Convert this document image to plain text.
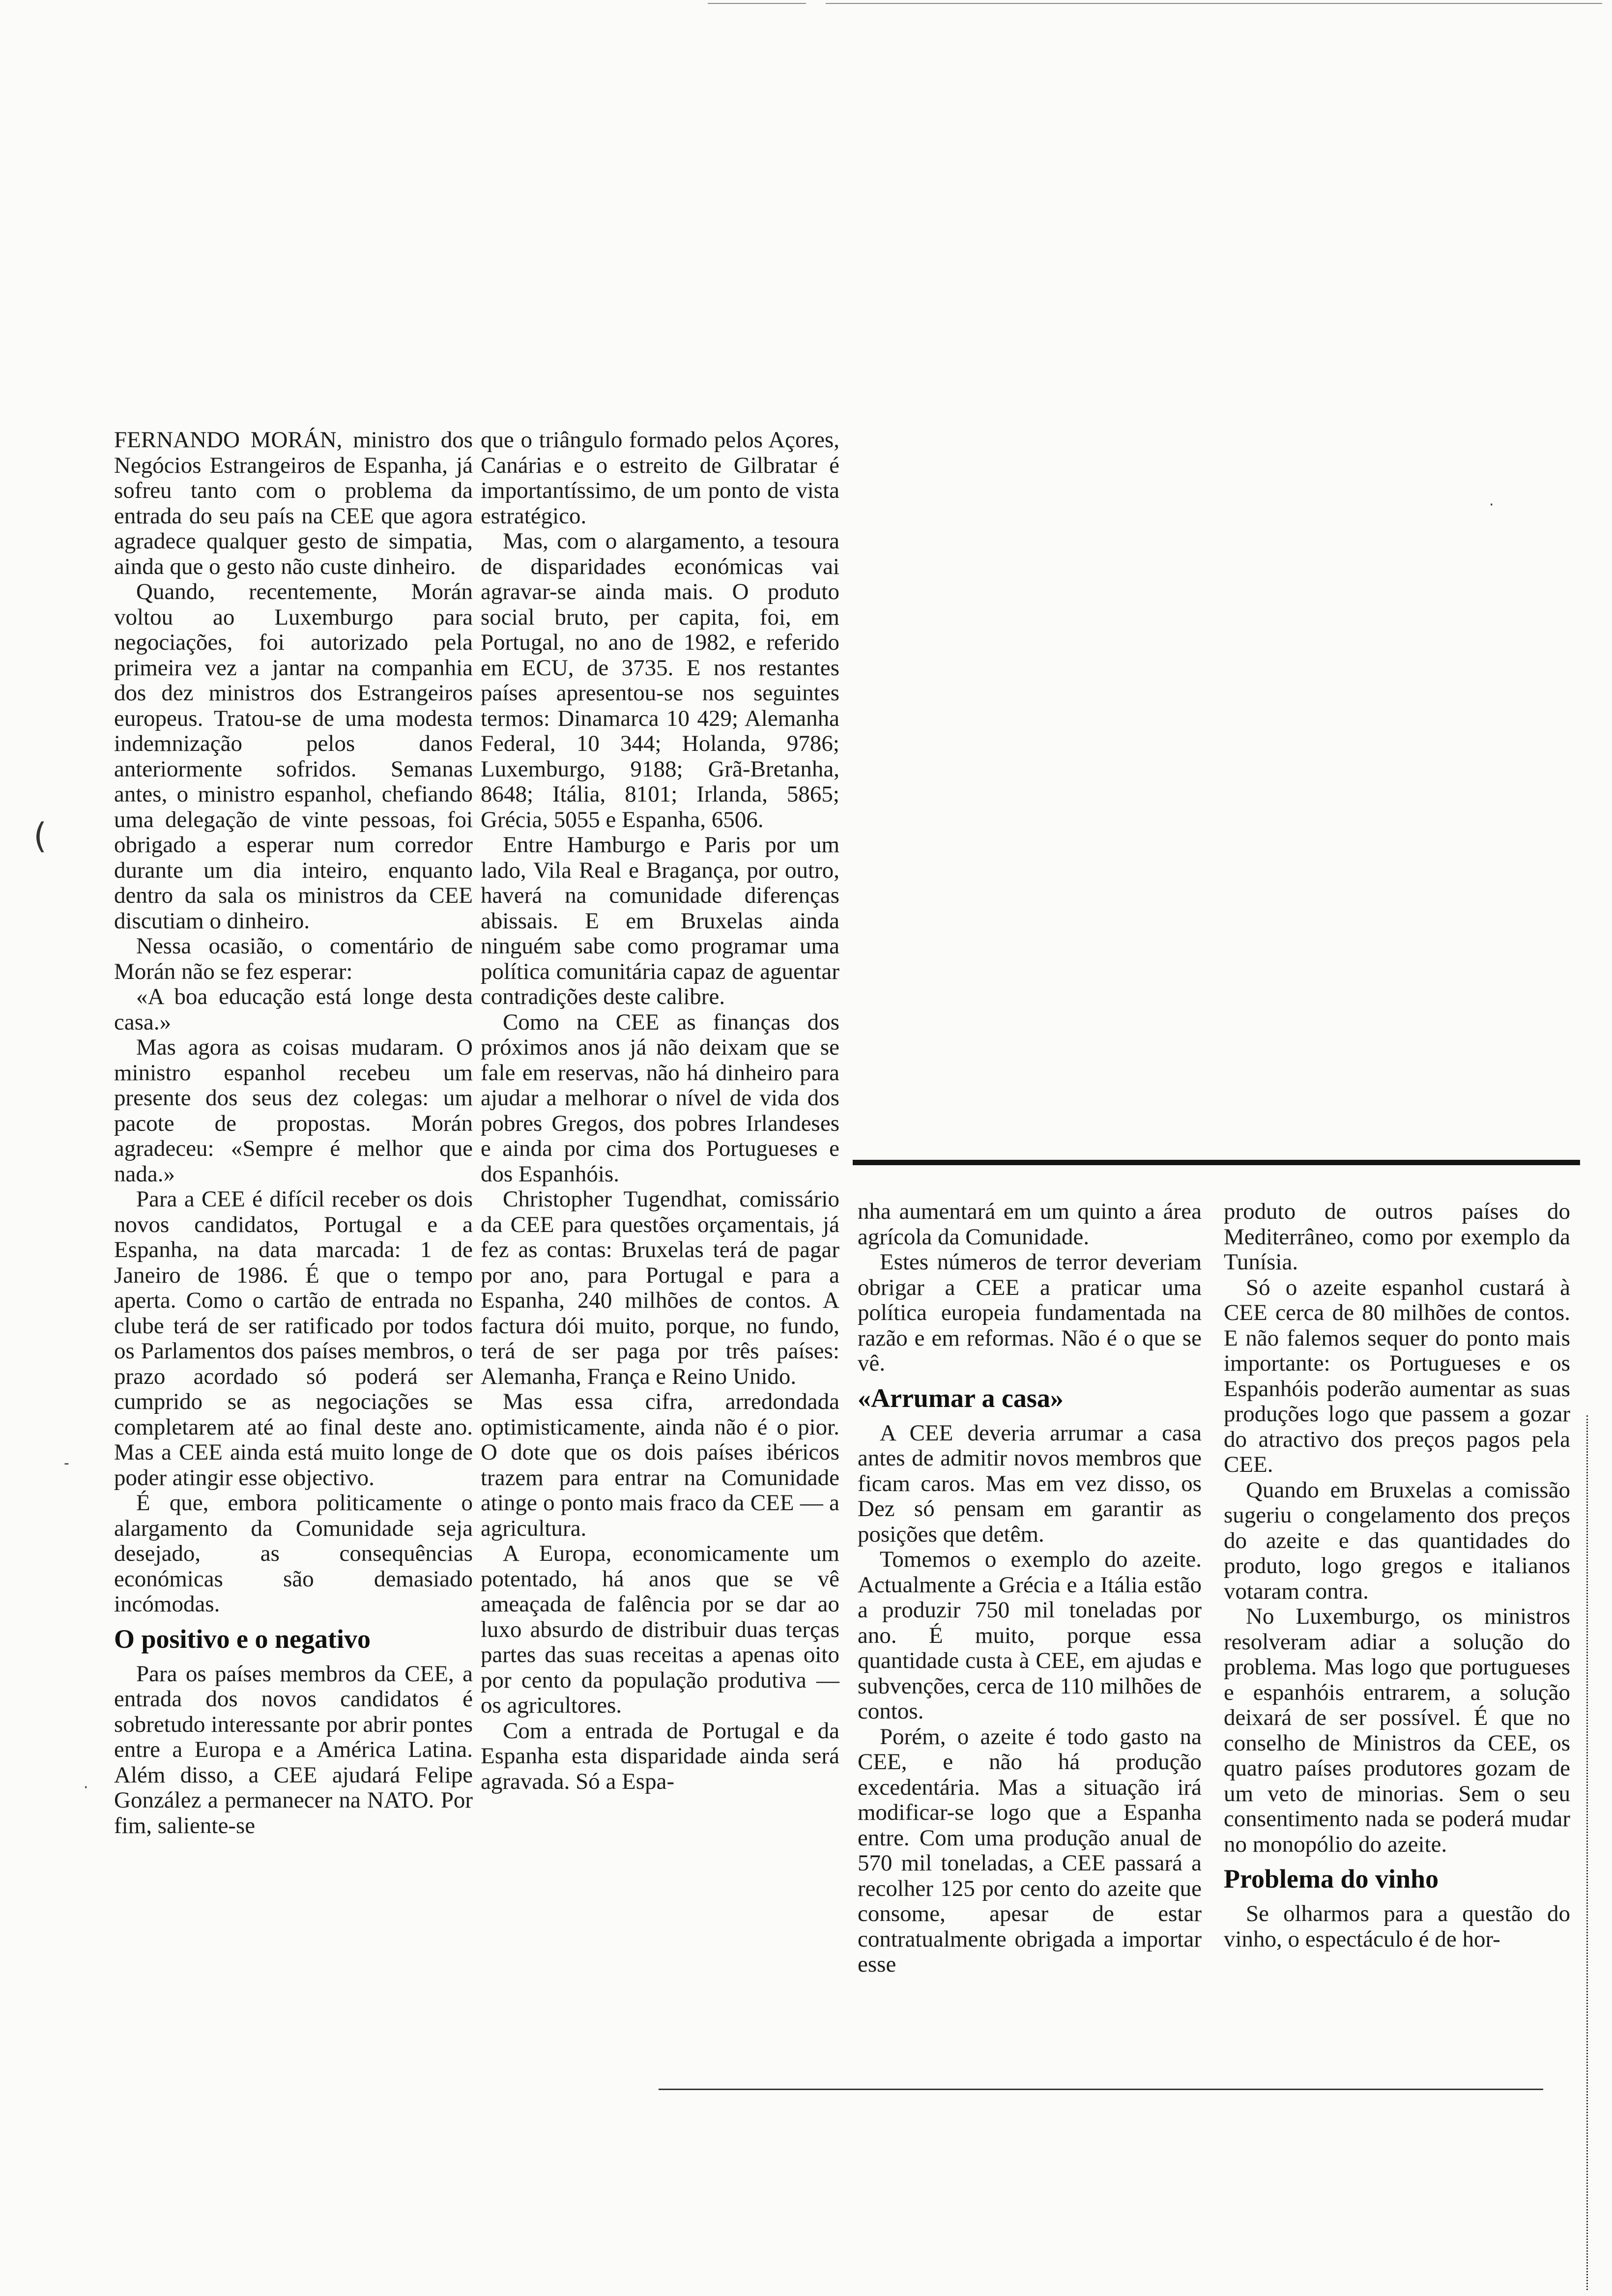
FERNANDO MORÁN, ministro dos Negócios Estrangeiros de Espanha, já sofreu tanto com o problema da entrada do seu país na CEE que agora agradece qualquer gesto de simpatia, ainda que o gesto não custe dinheiro.

Quando, recentemente, Morán voltou ao Luxemburgo para negociações, foi autorizado pela primeira vez a jantar na companhia dos dez ministros dos Estrangeiros europeus. Tratou-se de uma modesta indemnização pelos danos anteriormente sofridos. Semanas antes, o ministro espanhol, chefiando uma delegação de vinte pessoas, foi obrigado a esperar num corredor durante um dia inteiro, enquanto dentro da sala os ministros da CEE discutiam o dinheiro.

Nessa ocasião, o comentário de Morán não se fez esperar:

«A boa educação está longe desta casa.»

Mas agora as coisas mudaram. O ministro espanhol recebeu um presente dos seus dez colegas: um pacote de propostas. Morán agradeceu: «Sempre é melhor que nada.»

Para a CEE é difícil receber os dois novos candidatos, Portugal e a Espanha, na data marcada: 1 de Janeiro de 1986. É que o tempo aperta. Como o cartão de entrada no clube terá de ser ratificado por todos os Parlamentos dos países membros, o prazo acordado só poderá ser cumprido se as negociações se completarem até ao final deste ano. Mas a CEE ainda está muito longe de poder atingir esse objectivo.

É que, embora politicamente o alargamento da Comunidade seja desejado, as consequências económicas são demasiado incómodas.

O positivo e o negativo

Para os países membros da CEE, a entrada dos novos candidatos é sobretudo interessante por abrir pontes entre a Europa e a América Latina. Além disso, a CEE ajudará Felipe González a permanecer na NATO. Por fim, saliente-se

que o triângulo formado pelos Açores, Canárias e o estreito de Gilbratar é importantíssimo, de um ponto de vista estratégico.

Mas, com o alargamento, a tesoura de disparidades económicas vai agravar-se ainda mais. O produto social bruto, per capita, foi, em Portugal, no ano de 1982, e referido em ECU, de 3735. E nos restantes países apresentou-se nos seguintes termos: Dinamarca 10 429; Alemanha Federal, 10 344; Holanda, 9786; Luxemburgo, 9188; Grã-Bretanha, 8648; Itália, 8101; Irlanda, 5865; Grécia, 5055 e Espanha, 6506.

Entre Hamburgo e Paris por um lado, Vila Real e Bragança, por outro, haverá na comunidade diferenças abissais. E em Bruxelas ainda ninguém sabe como programar uma política comunitária capaz de aguentar contradições deste calibre.

Como na CEE as finanças dos próximos anos já não deixam que se fale em reservas, não há dinheiro para ajudar a melhorar o nível de vida dos pobres Gregos, dos pobres Irlandeses e ainda por cima dos Portugueses e dos Espanhóis.

Christopher Tugendhat, comissário da CEE para questões orçamentais, já fez as contas: Bruxelas terá de pagar por ano, para Portugal e para a Espanha, 240 milhões de contos. A factura dói muito, porque, no fundo, terá de ser paga por três países: Alemanha, França e Reino Unido.

Mas essa cifra, arredondada optimisticamente, ainda não é o pior. O dote que os dois países ibéricos trazem para entrar na Comunidade atinge o ponto mais fraco da CEE — a agricultura.

A Europa, economicamente um potentado, há anos que se vê ameaçada de falência por se dar ao luxo absurdo de distribuir duas terças partes das suas receitas a apenas oito por cento da população produtiva — os agricultores.

Com a entrada de Portugal e da Espanha esta disparidade ainda será agravada. Só a Espa-

nha aumentará em um quinto a área agrícola da Comunidade.

Estes números de terror deveriam obrigar a CEE a praticar uma política europeia fundamentada na razão e em reformas. Não é o que se vê.

«Arrumar a casa»

A CEE deveria arrumar a casa antes de admitir novos membros que ficam caros. Mas em vez disso, os Dez só pensam em garantir as posições que detêm.

Tomemos o exemplo do azeite. Actualmente a Grécia e a Itália estão a produzir 750 mil toneladas por ano. É muito, porque essa quantidade custa à CEE, em ajudas e subvenções, cerca de 110 milhões de contos.

Porém, o azeite é todo gasto na CEE, e não há produção excedentária. Mas a situação irá modificar-se logo que a Espanha entre. Com uma produção anual de 570 mil toneladas, a CEE passará a recolher 125 por cento do azeite que consome, apesar de estar contratualmente obrigada a importar esse

produto de outros países do Mediterrâneo, como por exemplo da Tunísia.

Só o azeite espanhol custará à CEE cerca de 80 milhões de contos. E não falemos sequer do ponto mais importante: os Portugueses e os Espanhóis poderão aumentar as suas produções logo que passem a gozar do atractivo dos preços pagos pela CEE.

Quando em Bruxelas a comissão sugeriu o congelamento dos preços do azeite e das quantidades do produto, logo gregos e italianos votaram contra.

No Luxemburgo, os ministros resolveram adiar a solução do problema. Mas logo que portugueses e espanhóis entrarem, a solução deixará de ser possível. É que no conselho de Ministros da CEE, os quatro países produtores gozam de um veto de minorias. Sem o seu consentimento nada se poderá mudar no monopólio do azeite.

Problema do vinho

Se olharmos para a questão do vinho, o espectáculo é de hor-

(
·
-
·
